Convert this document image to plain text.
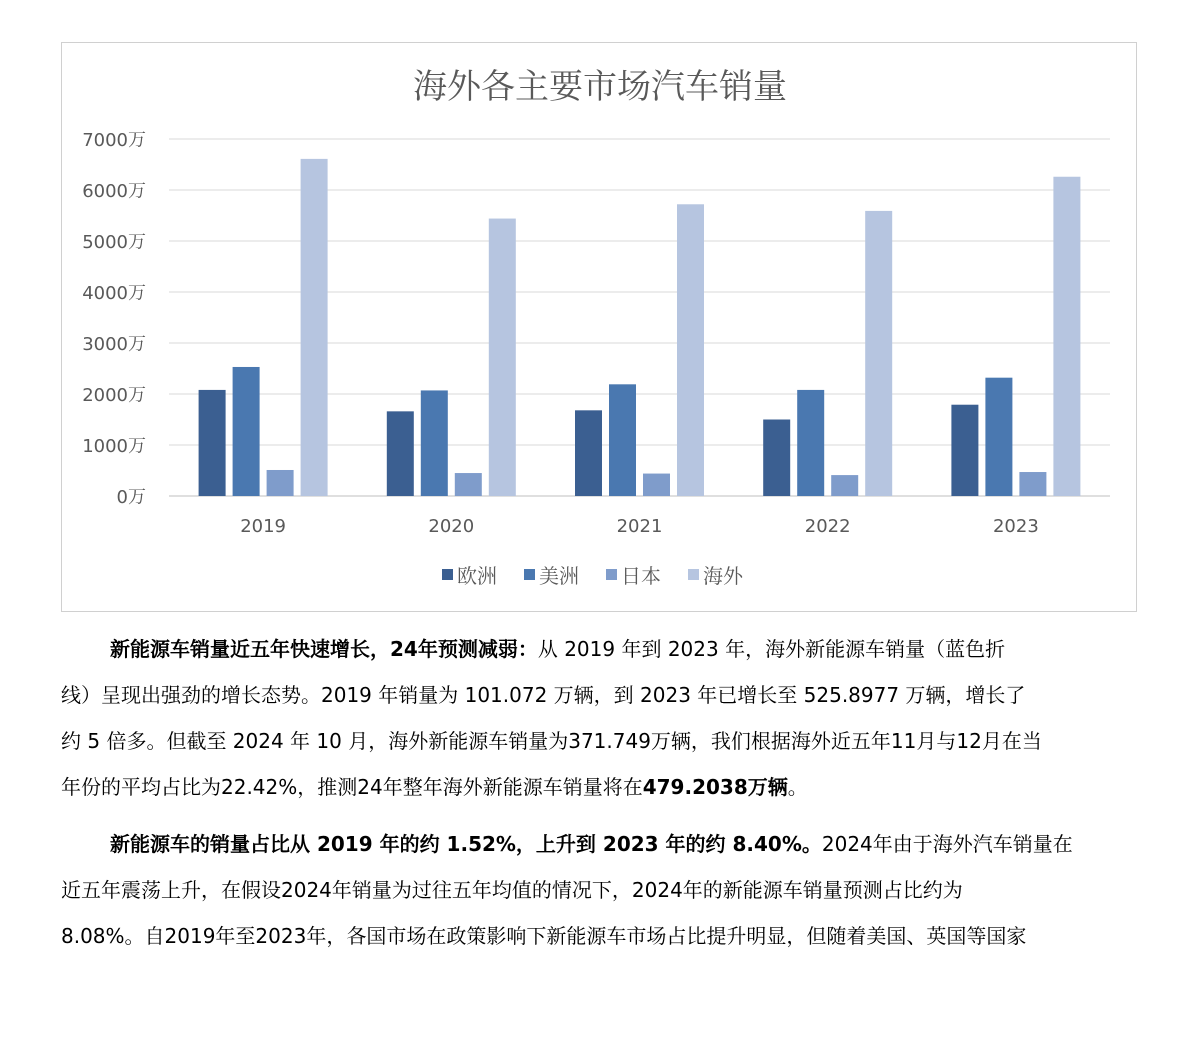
海外各主要市场汽车销量
0万
1000万
2000万
3000万
4000万
5000万
6000万
7000万
2019	2020	2021	2022	2023
欧洲 美洲 日本 海外

新能源车销量近五年快速增长，24年预测减弱：从 2019 年到 2023 年，海外新能源车销量（蓝色折
线）呈现出强劲的增长态势。2019 年销量为 101.072 万辆，到 2023 年已增长至 525.8977 万辆，增长了
约 5 倍多。但截至 2024 年 10 月，海外新能源车销量为371.749万辆，我们根据海外近五年11月与12月在当
年份的平均占比为22.42%，推测24年整年海外新能源车销量将在479.2038万辆。

新能源车的销量占比从 2019 年的约 1.52%，上升到 2023 年的约 8.40%。2024年由于海外汽车销量在
近五年震荡上升，在假设2024年销量为过往五年均值的情况下，2024年的新能源车销量预测占比约为
8.08%。自2019年至2023年，各国市场在政策影响下新能源车市场占比提升明显，但随着美国、英国等国家
